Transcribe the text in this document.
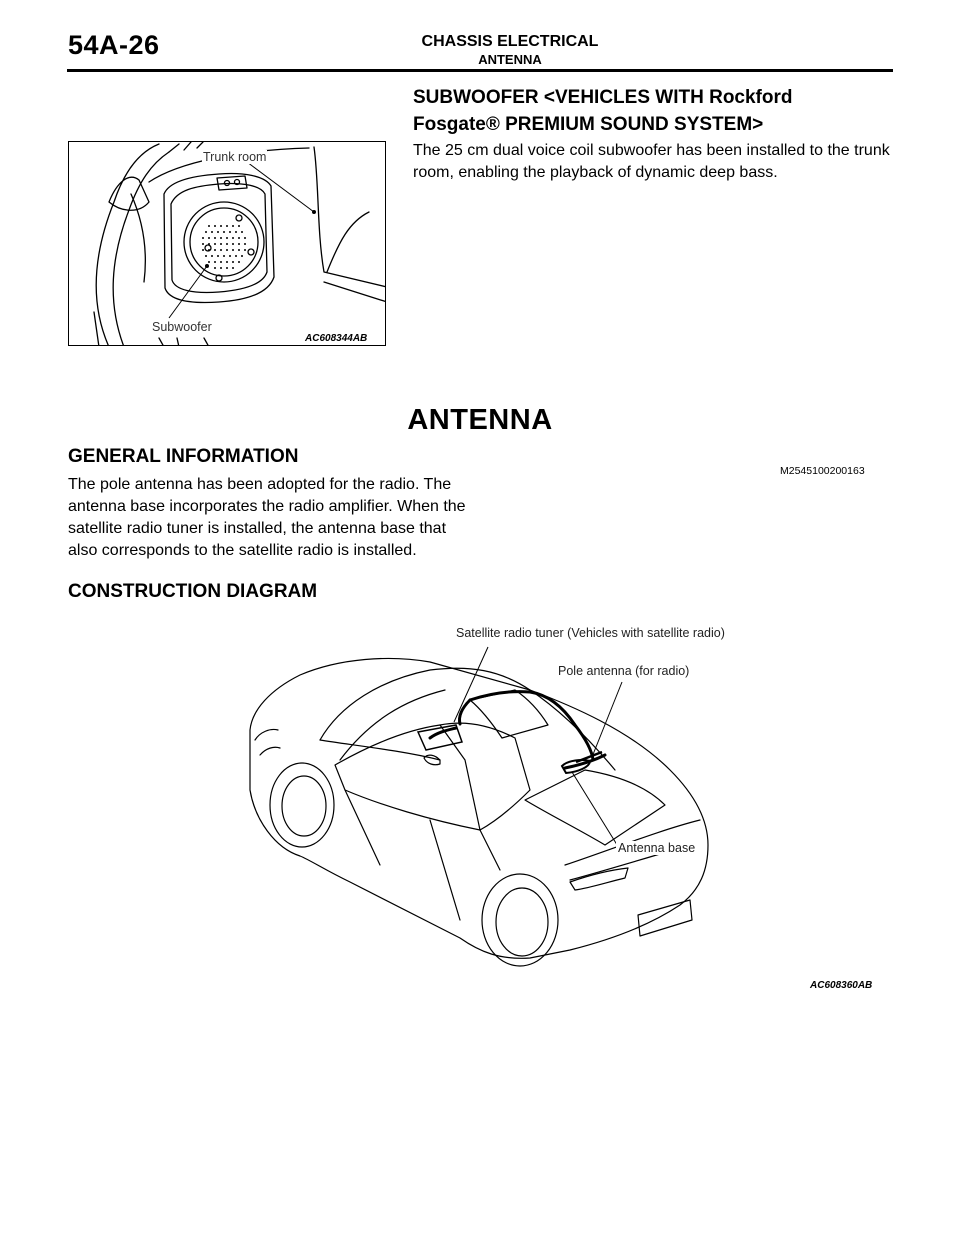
54A-26	CHASSIS ELECTRICAL
ANTENNA
SUBWOOFER <VEHICLES WITH Rockford
Fosgate® PREMIUM SOUND SYSTEM>
The 25 cm dual voice coil subwoofer has been installed to the trunk room, enabling the playback of dynamic deep bass.
Trunk room
Subwoofer
AC608344AB
ANTENNA
GENERAL INFORMATION
M2545100200163
The pole antenna has been adopted for the radio. The antenna base incorporates the radio amplifier. When the satellite radio tuner is installed, the antenna base that also corresponds to the satellite radio is installed.
CONSTRUCTION DIAGRAM
Satellite radio tuner (Vehicles with satellite radio)
Pole antenna (for radio)
Antenna base
AC608360AB
